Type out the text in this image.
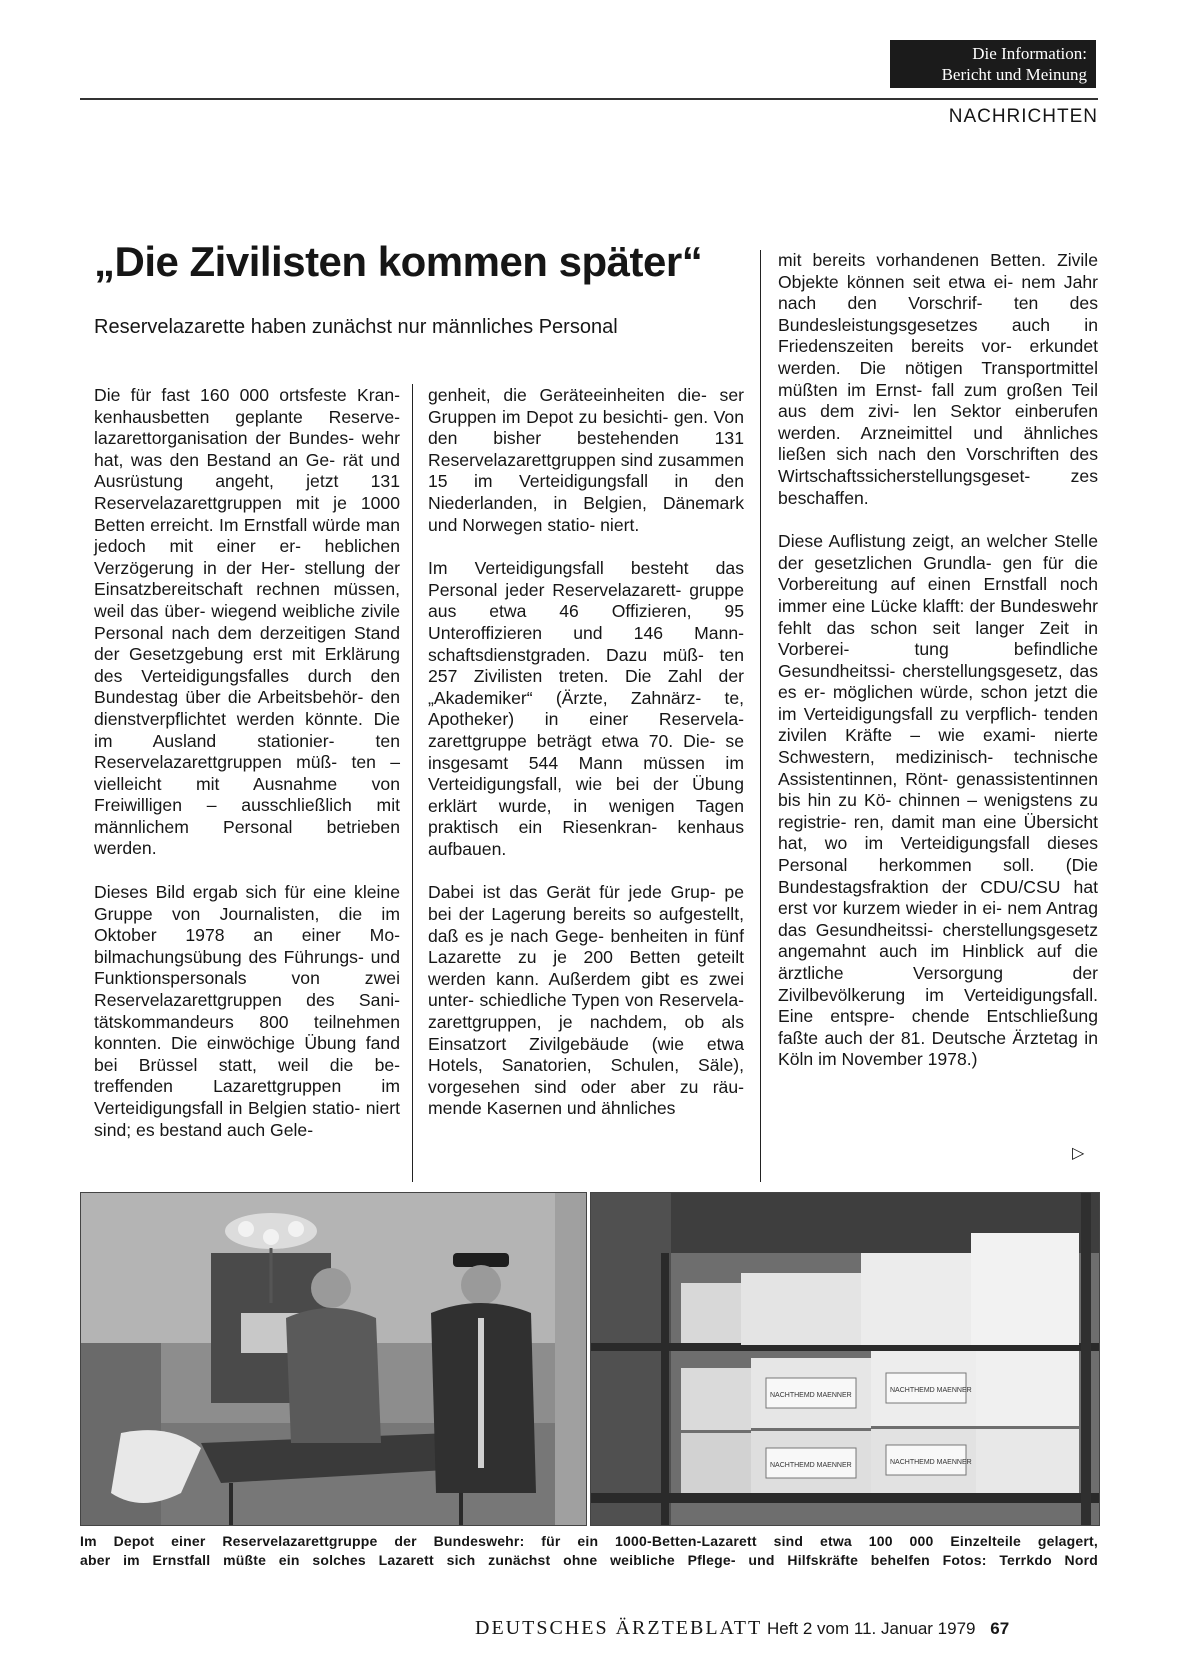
Die Information:
Bericht und Meinung
NACHRICHTEN
„Die Zivilisten kommen später“
Reservelazarette haben zunächst nur männliches Personal

Die für fast 160 000 ortsfeste Kran- kenhausbetten geplante Reserve- lazarettorganisation der Bundes- wehr hat, was den Bestand an Ge- rät und Ausrüstung angeht, jetzt 131 Reservelazarettgruppen mit je 1000 Betten erreicht. Im Ernstfall würde man jedoch mit einer er- heblichen Verzögerung in der Her- stellung der Einsatzbereitschaft rechnen müssen, weil das über- wiegend weibliche zivile Personal nach dem derzeitigen Stand der Gesetzgebung erst mit Erklärung des Verteidigungsfalles durch den Bundestag über die Arbeitsbehör- den dienstverpflichtet werden könnte. Die im Ausland stationier- ten Reservelazarettgruppen müß- ten – vielleicht mit Ausnahme von Freiwilligen – ausschließlich mit männlichem Personal betrieben werden.

Dieses Bild ergab sich für eine kleine Gruppe von Journalisten, die im Oktober 1978 an einer Mo- bilmachungsübung des Führungs- und Funktionspersonals von zwei Reservelazarettgruppen des Sani- tätskommandeurs 800 teilnehmen konnten. Die einwöchige Übung fand bei Brüssel statt, weil die be- treffenden Lazarettgruppen im Verteidigungsfall in Belgien statio- niert sind; es bestand auch Gele-

genheit, die Geräteeinheiten die- ser Gruppen im Depot zu besichti- gen. Von den bisher bestehenden 131 Reservelazarettgruppen sind zusammen 15 im Verteidigungsfall in den Niederlanden, in Belgien, Dänemark und Norwegen statio- niert.

Im Verteidigungsfall besteht das Personal jeder Reservelazarett- gruppe aus etwa 46 Offizieren, 95 Unteroffizieren und 146 Mann- schaftsdienstgraden. Dazu müß- ten 257 Zivilisten treten. Die Zahl der „Akademiker“ (Ärzte, Zahnärz- te, Apotheker) in einer Reservela- zarettgruppe beträgt etwa 70. Die- se insgesamt 544 Mann müssen im Verteidigungsfall, wie bei der Übung erklärt wurde, in wenigen Tagen praktisch ein Riesenkran- kenhaus aufbauen.

Dabei ist das Gerät für jede Grup- pe bei der Lagerung bereits so aufgestellt, daß es je nach Gege- benheiten in fünf Lazarette zu je 200 Betten geteilt werden kann. Außerdem gibt es zwei unter- schiedliche Typen von Reservela- zarettgruppen, je nachdem, ob als Einsatzort Zivilgebäude (wie etwa Hotels, Sanatorien, Schulen, Säle), vorgesehen sind oder aber zu räu- mende Kasernen und ähnliches

mit bereits vorhandenen Betten. Zivile Objekte können seit etwa ei- nem Jahr nach den Vorschrif- ten des Bundesleistungsgesetzes auch in Friedenszeiten bereits vor- erkundet werden. Die nötigen Transportmittel müßten im Ernst- fall zum großen Teil aus dem zivi- len Sektor einberufen werden. Arzneimittel und ähnliches ließen sich nach den Vorschriften des Wirtschaftssicherstellungsgeset- zes beschaffen.

Diese Auflistung zeigt, an welcher Stelle der gesetzlichen Grundla- gen für die Vorbereitung auf einen Ernstfall noch immer eine Lücke klafft: der Bundeswehr fehlt das schon seit langer Zeit in Vorberei- tung befindliche Gesundheitssi- cherstellungsgesetz, das es er- möglichen würde, schon jetzt die im Verteidigungsfall zu verpflich- tenden zivilen Kräfte – wie exami- nierte Schwestern, medizinisch- technische Assistentinnen, Rönt- genassistentinnen bis hin zu Kö- chinnen – wenigstens zu registrie- ren, damit man eine Übersicht hat, wo im Verteidigungsfall dieses Personal herkommen soll. (Die Bundestagsfraktion der CDU/CSU hat erst vor kurzem wieder in ei- nem Antrag das Gesundheitssi- cherstellungsgesetz angemahnt auch im Hinblick auf die ärztliche Versorgung der Zivilbevölkerung im Verteidigungsfall. Eine entspre- chende Entschließung faßte auch der 81. Deutsche Ärztetag in Köln im November 1978.)

▷
NACHTHEMD MAENNER
NACHTHEMD MAENNER
NACHTHEMD MAENNER
NACHTHEMD MAENNER
Im Depot einer Reservelazarettgruppe der Bundeswehr: für ein 1000-Betten-Lazarett sind etwa 100 000 Einzelteile gelagert,
aber im Ernstfall müßte ein solches Lazarett sich zunächst ohne weibliche Pflege- und Hilfskräfte behelfen Fotos: Terrkdo Nord
DEUTSCHES ÄRZTEBLATT Heft 2 vom 11. Januar 1979 67
